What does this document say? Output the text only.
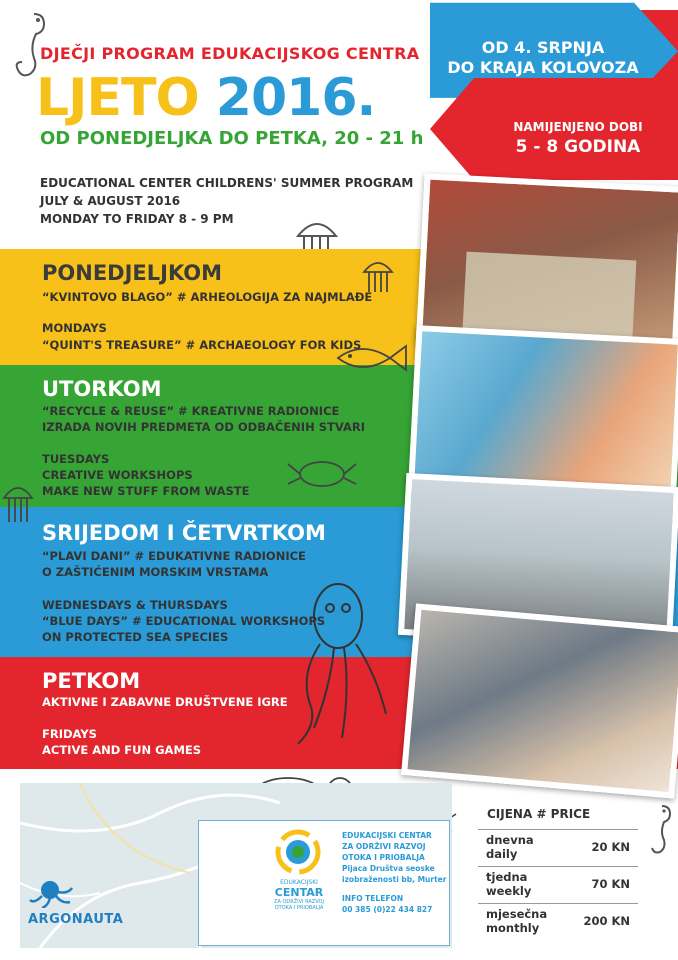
DJEČJI PROGRAM EDUKACIJSKOG CENTRA
LJETO 2016.
OD PONEDJELJKA DO PETKA, 20 - 21 h
EDUCATIONAL CENTER CHILDRENS' SUMMER PROGRAM
JULY & AUGUST 2016
MONDAY TO FRIDAY 8 - 9 PM
OD 4. SRPNJA
DO KRAJA KOLOVOZA
NAMIJENJENO DOBI
5 - 8 GODINA
PONEDJELJKOM
“KVINTOVO BLAGO” # ARHEOLOGIJA ZA NAJMLAĐE
MONDAYS
“QUINT'S TREASURE” # ARCHAEOLOGY FOR KIDS
UTORKOM
“RECYCLE & REUSE” # KREATIVNE RADIONICE
IZRADA NOVIH PREDMETA OD ODBAČENIH STVARI
TUESDAYS
CREATIVE WORKSHOPS
MAKE NEW STUFF FROM WASTE
SRIJEDOM I ČETVRTKOM
“PLAVI DANI” # EDUKATIVNE RADIONICE
O ZAŠTIĆENIM MORSKIM VRSTAMA
WEDNESDAYS & THURSDAYS
“BLUE DAYS” # EDUCATIONAL WORKSHOPS
ON PROTECTED SEA SPECIES
PETKOM
AKTIVNE I ZABAVNE DRUŠTVENE IGRE
FRIDAYS
ACTIVE AND FUN GAMES
ARGONAUTA
EDUKACIJSKI
CENTAR
ZA ODRŽIVI RAZVOJ
OTOKA I PRIOBALJA
EDUKACIJSKI CENTAR
ZA ODRŽIVI RAZVOJ
OTOKA I PRIOBALJA
Pijaca Društva seoske
izobraženosti bb, Murter
INFO TELEFON
00 385 (0)22 434 827
CIJENA # PRICE
dnevna
daily	20 KN
tjedna
weekly	70 KN
mjesečna
monthly	200 KN
